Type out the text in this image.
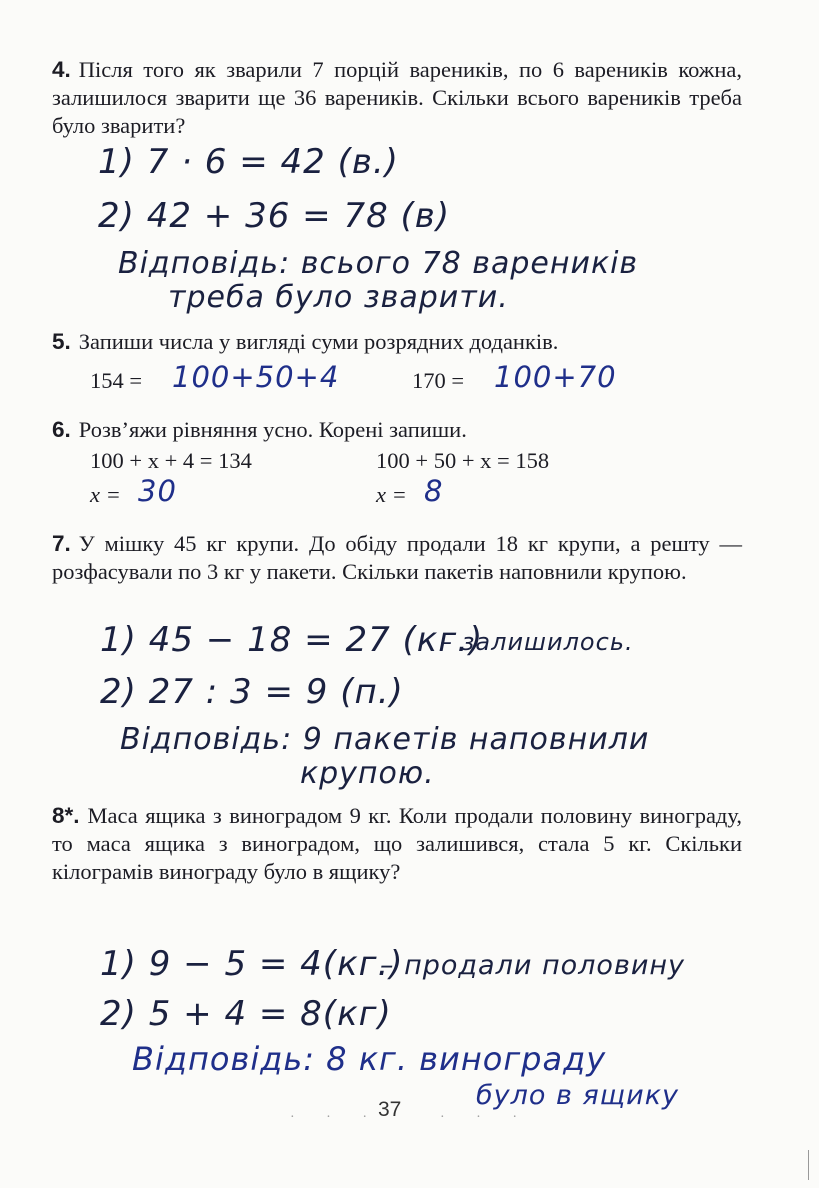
4. Після того як зварили 7 порцій вареників, по 6 вареників кожна, залишилося зварити ще 36 вареників. Скільки всього вареників треба було зварити?
1) 7 · 6 = 42 (в.)
2) 42 + 36 = 78 (в)
Відповідь: всього 78 вареників
треба було зварити.
5. Запиши числа у вигляді суми розрядних доданків.
154 = 100+50+4	170 = 100+70
6. Розв’яжи рівняння усно. Корені запиши.
100 + x + 4 = 134	100 + 50 + x = 158
x = 30	x = 8
7. У мішку 45 кг крупи. До обіду продали 18 кг крупи, а решту — розфасували по 3 кг у пакети. Скільки пакетів наповнили крупою.
1) 45 − 18 = 27 (кг.)
– залишилось.
2) 27 : 3 = 9 (п.)
Відповідь: 9 пакетів наповнили
крупою.
8*. Маса ящика з виноградом 9 кг. Коли продали половину винограду, то маса ящика з виноградом, що залишився, стала 5 кг. Скільки кілограмів винограду було в ящику?
1) 9 − 5 = 4(кг.)
– продали половину
2) 5 + 4 = 8(кг)
Відповідь: 8 кг. винограду
було в ящику
· · ·
37	· · ·
